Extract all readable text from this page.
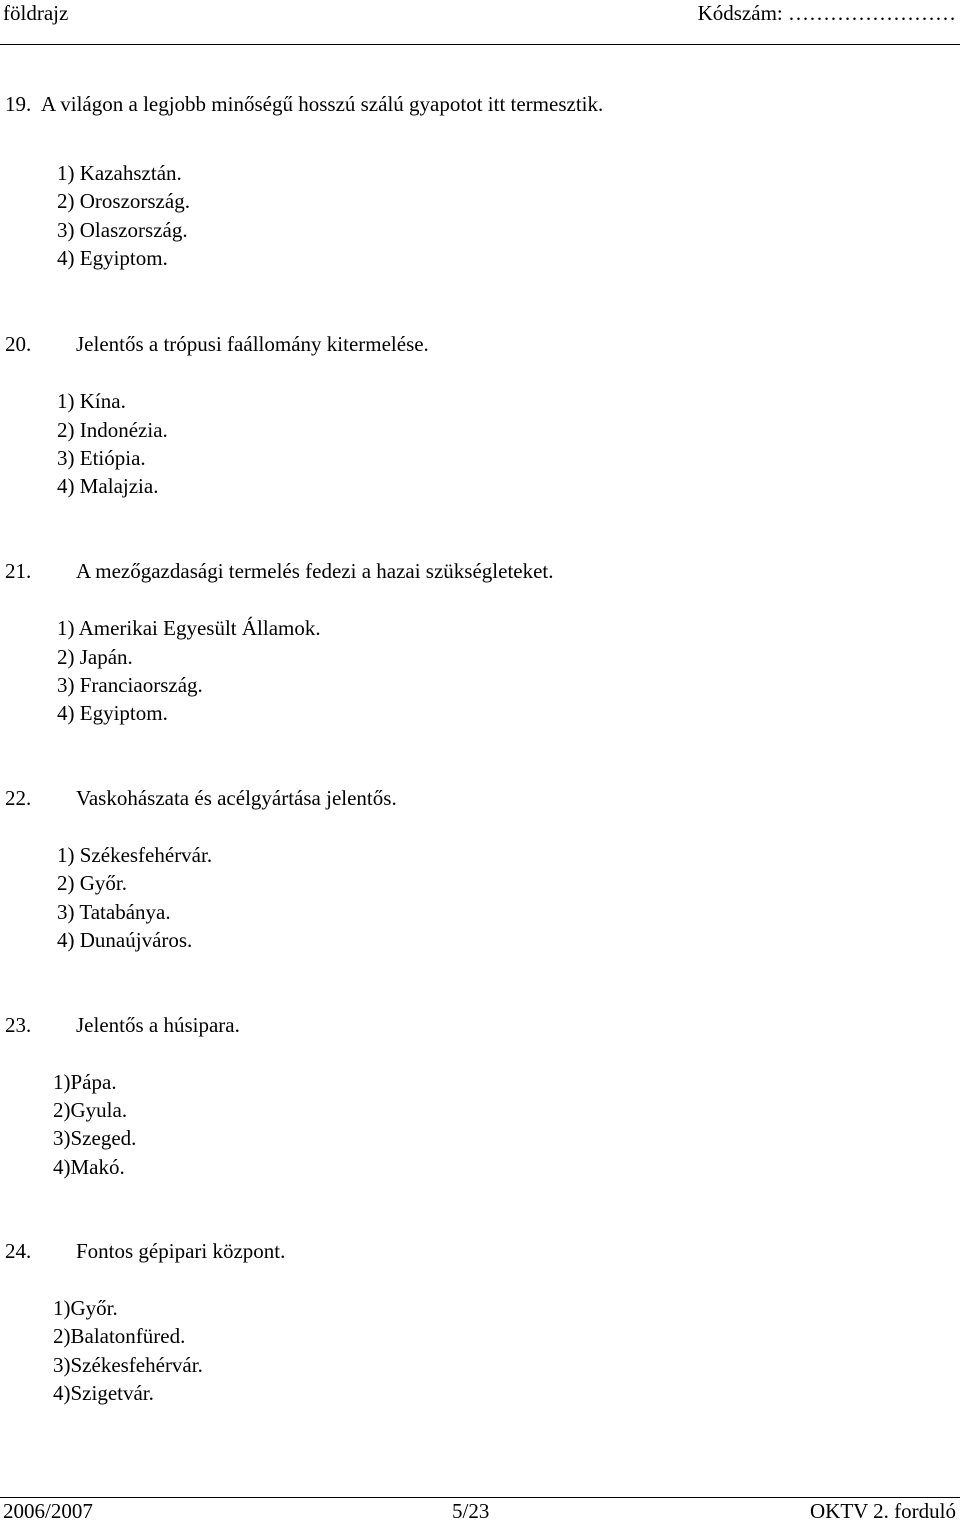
földrajz	Kódszám: ……………………
19. A világon a legjobb minőségű hosszú szálú gyapotot itt termesztik.
1) Kazahsztán.
2) Oroszország.
3) Olaszország.
4) Egyiptom.
20. Jelentős a trópusi faállomány kitermelése.
1) Kína.
2) Indonézia.
3) Etiópia.
4) Malajzia.
21. A mezőgazdasági termelés fedezi a hazai szükségleteket.
1) Amerikai Egyesült Államok.
2) Japán.
3) Franciaország.
4) Egyiptom.
22. Vaskohászata és acélgyártása jelentős.
1) Székesfehérvár.
2) Győr.
3) Tatabánya.
4) Dunaújváros.
23. Jelentős a húsipara.
1)Pápa.
2)Gyula.
3)Szeged.
4)Makó.
24. Fontos gépipari központ.
1)Győr.
2)Balatonfüred.
3)Székesfehérvár.
4)Szigetvár.
2006/2007	5/23	OKTV 2. forduló
